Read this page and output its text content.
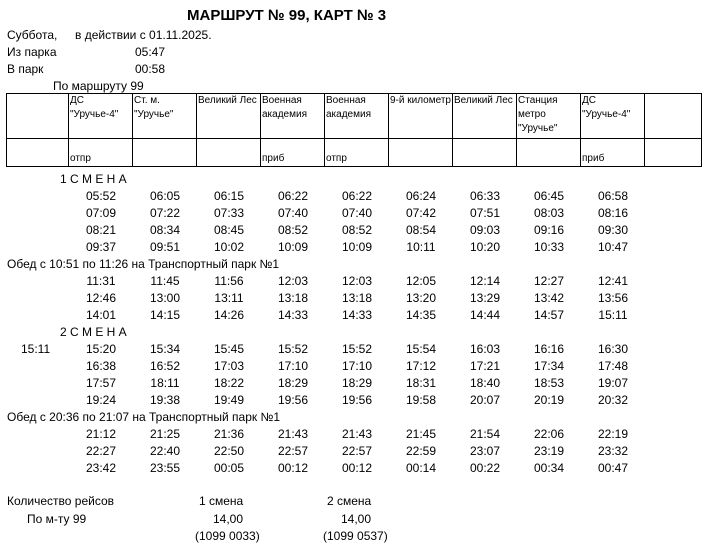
МАРШРУТ № 99, КАРТ № 3
Суббота, в действии с 01.11.2025.
Из парка	05:47
В парк	00:58
По маршруту 99
	ДС "Уручье-4"	Ст. м. "Уручье"	Великий Лес	Военная академия	Военная академия	9-й километр	Великий Лес	Станция метро "Уручье"	ДС "Уручье-4"	
	отпр			приб	отпр				приб	
1 С М Е Н А
05:52	06:05	06:15	06:22	06:22	06:24	06:33	06:45	06:58
07:09	07:22	07:33	07:40	07:40	07:42	07:51	08:03	08:16
08:21	08:34	08:45	08:52	08:52	08:54	09:03	09:16	09:30
09:37	09:51	10:02	10:09	10:09	10:11	10:20	10:33	10:47
Обед с 10:51 по 11:26 на Транспортный парк №1
11:31	11:45	11:56	12:03	12:03	12:05	12:14	12:27	12:41
12:46	13:00	13:11	13:18	13:18	13:20	13:29	13:42	13:56
14:01	14:15	14:26	14:33	14:33	14:35	14:44	14:57	15:11
2 С М Е Н А
15:11	15:20	15:34	15:45	15:52	15:52	15:54	16:03	16:16	16:30
16:38	16:52	17:03	17:10	17:10	17:12	17:21	17:34	17:48
17:57	18:11	18:22	18:29	18:29	18:31	18:40	18:53	19:07
19:24	19:38	19:49	19:56	19:56	19:58	20:07	20:19	20:32
Обед с 20:36 по 21:07 на Транспортный парк №1
21:12	21:25	21:36	21:43	21:43	21:45	21:54	22:06	22:19
22:27	22:40	22:50	22:57	22:57	22:59	23:07	23:19	23:32
23:42	23:55	00:05	00:12	00:12	00:14	00:22	00:34	00:47
Количество рейсов	1 смена	2 смена
По м-ту 99	14,00	14,00
(1099 0033)	(1099 0537)
